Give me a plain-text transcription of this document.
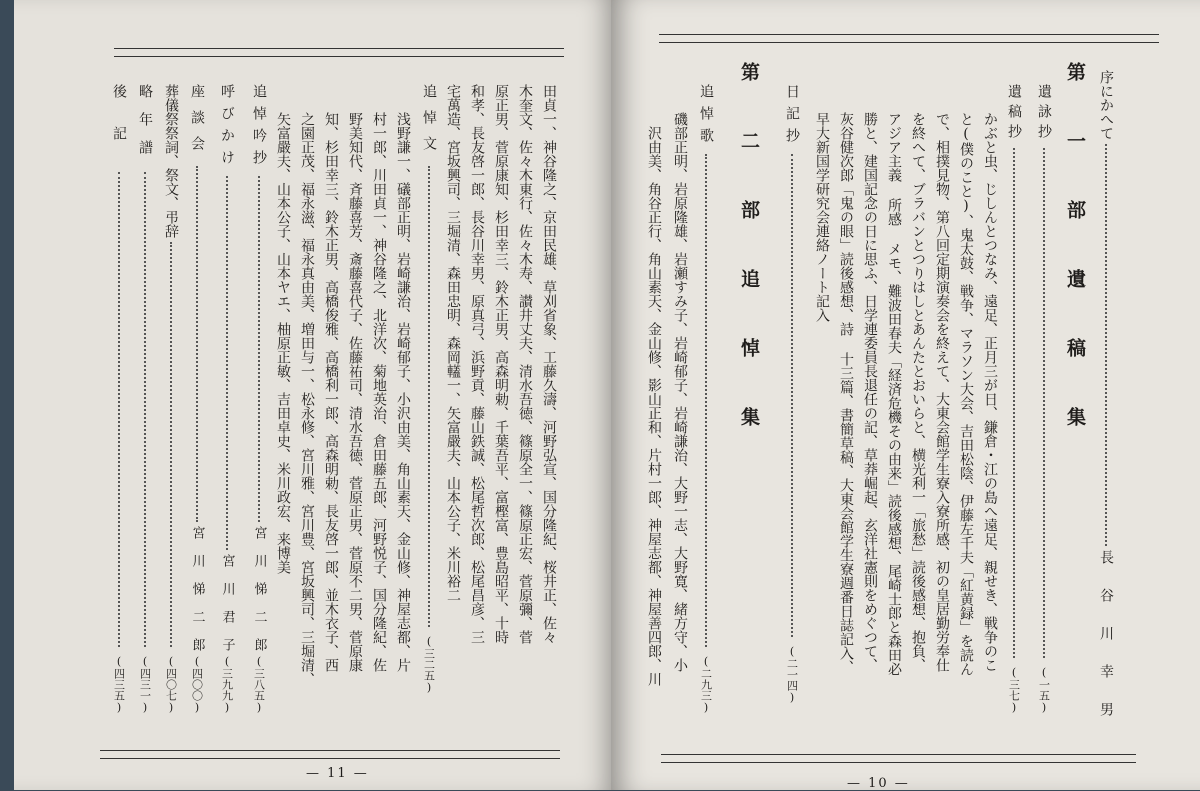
— 11 —
田貞一、神谷隆之、京田民雄、草刈省象、工藤久濤、河野弘宣、国分隆紀、桜井正、佐々
木奎文、佐々木東行、佐々木寿、讃井丈夫、清水吾徳、篠原全一、篠原正宏、菅原彌、菅
原正男、菅原康知、杉田幸三、鈴木正男、高森明勅、千葉吾平、富樫富、豊島昭平、十時
和孝、長友啓一郎、長谷川幸男、原真弓、浜野貢、藤山鉄誠、松尾哲次郎、松尾昌彦、三
宅萬造、宮坂興司、三堀清、森田忠明、森岡䡷一、矢富嚴夫、山本公子、米川裕二
追悼文
(三二五)
浅野謙一、礒部正明、岩崎謙治、岩崎郁子、小沢由美、角山素天、金山修、神屋志都、片
村一郎、川田貞一、神谷隆之、北洋次、菊地英治、倉田藤五郎、河野悦子、国分隆紀、佐
野美知代、斉藤喜芳、斎藤喜代子、佐藤祐司、清水吾徳、菅原正男、菅原不二男、菅原康
知、杉田幸三、鈴木正男、高橋俊雅、高橋利一郎、高森明勅、長友啓一郎、並木衣子、西
之園正茂、福永滋、福永真由美、増田与一、松永修、宮川雅、宮川豊、宮坂興司、三堀清、
矢富嚴夫、山本公子、山本ヤエ、柚原正敏、吉田卓史、米川政宏、来博美
追悼吟抄
宮 川 悌 二 郎
(三八五)
呼びかけ
宮 川 君 子
(三九九)
座談会
宮 川 悌 二 郎
(四〇〇)
葬儀祭祭詞、祭文、弔辞
(四〇七)
略年譜
(四三一)
後記
(四三五)
— 10 —
序にかへて
長 谷 川 幸 男
第 一 部 遺 稿 集
遺詠抄
(一五)
遺稿抄
(三七)
かぶと虫、じしんとつなみ、遠足、正月三が日、鎌倉・江の島へ遠足、親せき、戦争のこ
と(僕のこと)、鬼太鼓、戦争、マラソン大会、吉田松陰、伊藤左千夫「紅黄録」を読ん
で、相撲見物、第八回定期演奏会を終えて、大東会館学生寮入寮所感、初の皇居勤労奉仕
を終へて、ブラバンとつりはしとあんたとおいらと、横光利一「旅愁」読後感想、抱負、
アジア主義 所感 メモ、難波田春夫「経済危機その由来」読後感想、尾崎士郎と森田必
勝と、建国記念の日に思ふ、日学連委員長退任の記、草莽崛起、玄洋社憲則をめぐつて、
灰谷健次郎「鬼の眼」読後感想、詩 十三篇、書簡草稿、大東会館学生寮週番日誌記入、
早大新国学研究会連絡ノート記入
日記抄
(二一四)
第 二 部 追 悼 集
追悼歌
(二九三)
磯部正明、岩原隆雄、岩瀬すみ子、岩崎郁子、岩崎謙治、大野一志、大野寛、緒方守、小
沢由美、角谷正行、角山素天、金山修、影山正和、片村一郎、神屋志都、神屋善四郎、川
